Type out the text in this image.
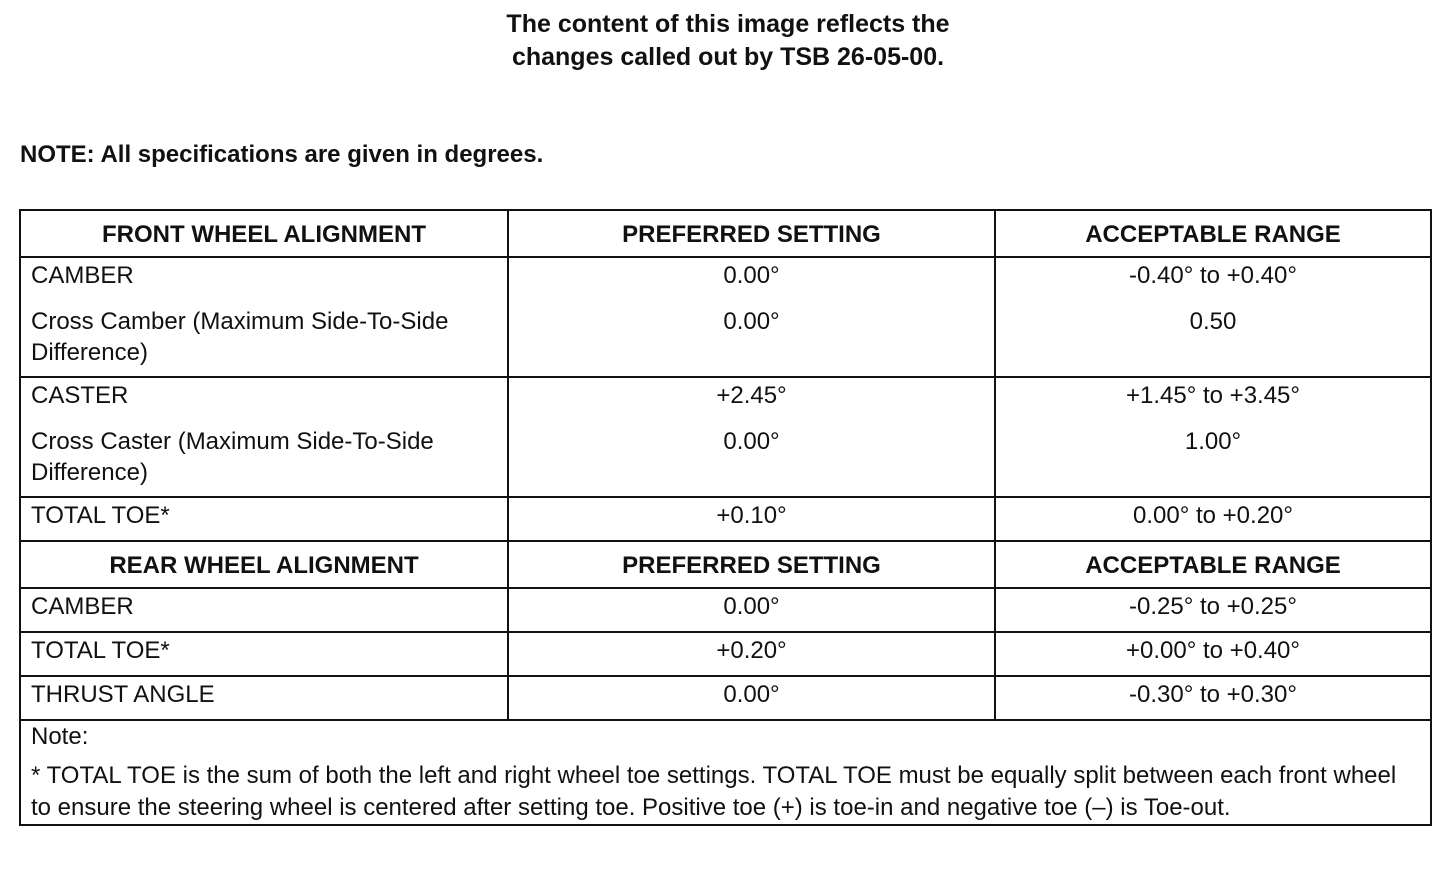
The content of this image reflects the
changes called out by TSB 26-05-00.
NOTE: All specifications are given in degrees.
FRONT WHEEL ALIGNMENT	PREFERRED SETTING	ACCEPTABLE RANGE
CAMBER	0.00°	-0.40° to +0.40°
Cross Camber (Maximum Side-To-Side Difference)	0.00°	0.50
CASTER	+2.45°	+1.45° to +3.45°
Cross Caster (Maximum Side-To-Side Difference)	0.00°	1.00°
TOTAL TOE*	+0.10°	0.00° to +0.20°
REAR WHEEL ALIGNMENT	PREFERRED SETTING	ACCEPTABLE RANGE
CAMBER	0.00°	-0.25° to +0.25°
TOTAL TOE*	+0.20°	+0.00° to +0.40°
THRUST ANGLE	0.00°	-0.30° to +0.30°

Note:
* TOTAL TOE is the sum of both the left and right wheel toe settings. TOTAL TOE must be equally split between each front wheel to ensure the steering wheel is centered after setting toe. Positive toe (+) is toe-in and negative toe (–) is Toe-out.		
